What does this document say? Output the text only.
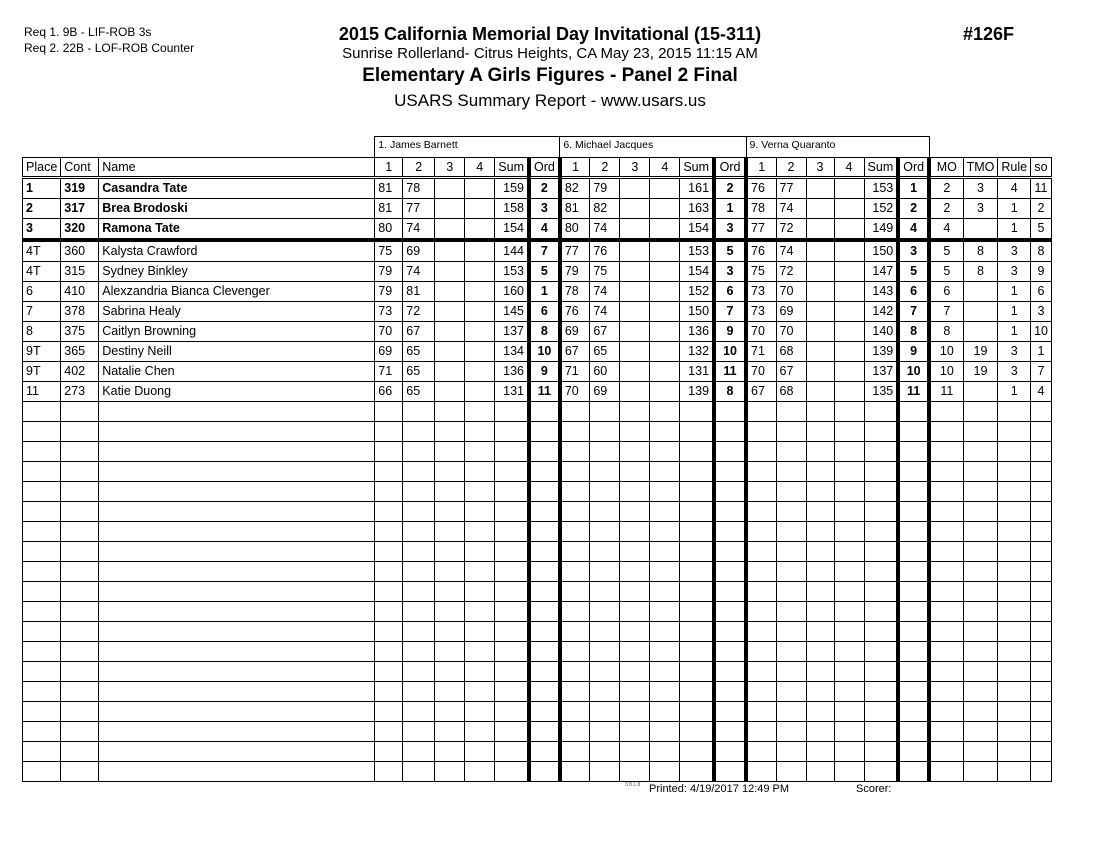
Req 1. 9B - LIF-ROB 3s
Req 2. 22B - LOF-ROB Counter
2015 California Memorial Day Invitational (15-311)
Sunrise Rollerland- Citrus Heights, CA May 23, 2015 11:15 AM
Elementary A Girls Figures - Panel 2 Final
USARS Summary Report - www.usars.us
#126F
			1. James Barnett						6. Michael Jacques						9. Verna Quaranto									
Place	Cont	Name	1	2	3	4	Sum	Ord	1	2	3	4	Sum	Ord	1	2	3	4	Sum	Ord	MO	TMO	Rule	so
1	319	Casandra Tate	81	78			159	2	82	79			161	2	76	77			153	1	2	3	4	11
2	317	Brea Brodoski	81	77			158	3	81	82			163	1	78	74			152	2	2	3	1	2
3	320	Ramona Tate	80	74			154	4	80	74			154	3	77	72			149	4	4		1	5
4T	360	Kalysta Crawford	75	69			144	7	77	76			153	5	76	74			150	3	5	8	3	8
4T	315	Sydney Binkley	79	74			153	5	79	75			154	3	75	72			147	5	5	8	3	9
6	410	Alexzandria Bianca Clevenger	79	81			160	1	78	74			152	6	73	70			143	6	6		1	6
7	378	Sabrina Healy	73	72			145	6	76	74			150	7	73	69			142	7	7		1	3
8	375	Caitlyn Browning	70	67			137	8	69	67			136	9	70	70			140	8	8		1	10
9T	365	Destiny Neill	69	65			134	10	67	65			132	10	71	68			139	9	10	19	3	1
9T	402	Natalie Chen	71	65			136	9	71	60			131	11	70	67			137	10	10	19	3	7
11	273	Katie Duong	66	65			131	11	70	69			139	8	67	68			135	11	11		1	4

3.8.1.8 Printed: 4/19/2017 12:49 PM	Scorer:
